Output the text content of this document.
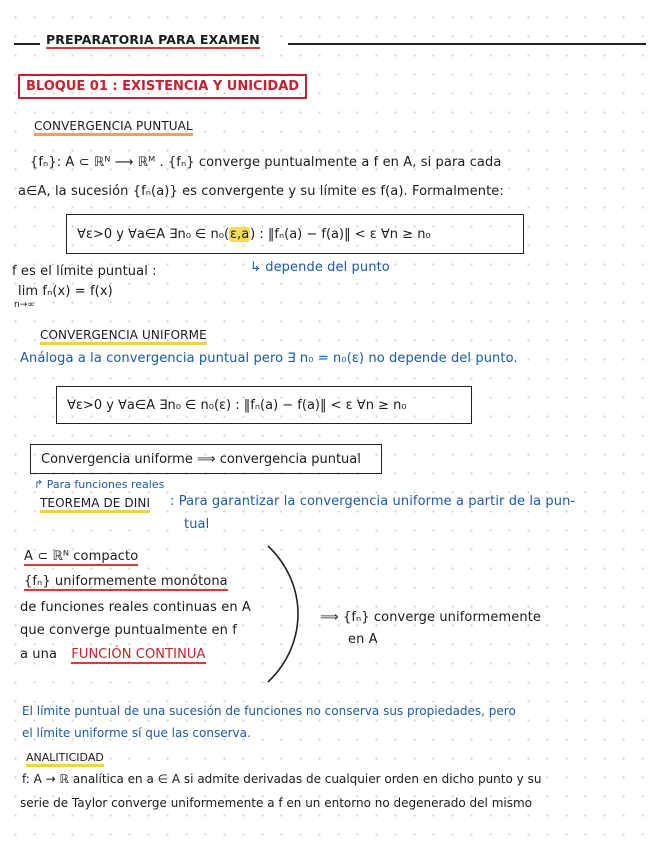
PREPARATORIA PARA EXAMEN
BLOQUE 01 : EXISTENCIA Y UNICIDAD
CONVERGENCIA PUNTUAL
{fₙ}: A ⊂ ℝᴺ ⟶ ℝᴹ . {fₙ} converge puntualmente a f en A, si para cada
a∈A, la sucesión {fₙ(a)} es convergente y su límite es f(a). Formalmente:
∀ε>0 y ∀a∈A ∃n₀ ∈ n₀( ε,a ) : ‖fₙ(a) − f(a)‖ < ε ∀n ≥ n₀
↳ depende del punto
f es el límite puntual :
lim fₙ(x) = f(x)
n→∞
CONVERGENCIA UNIFORME
Análoga a la convergencia puntual pero ∃ n₀ = n₀(ε) no depende del punto.
∀ε>0 y ∀a∈A ∃n₀ ∈ n₀(ε) : ‖fₙ(a) − f(a)‖ < ε ∀n ≥ n₀
Convergencia uniforme ⟹ convergencia puntual
↱ Para funciones reales
TEOREMA DE DINI : Para garantizar la convergencia uniforme a partir de la pun-
tual
A ⊂ ℝᴺ compacto
{fₙ} uniformemente monótona
de funciones reales continuas en A
que converge puntualmente en f
a una FUNCIÓN CONTINUA
⟹ {fₙ} converge uniformemente
en A
El límite puntual de una sucesión de funciones no conserva sus propiedades, pero
el límite uniforme sí que las conserva.
ANALITICIDAD
f: A → ℝ analítica en a ∈ A si admite derivadas de cualquier orden en dicho punto y su
serie de Taylor converge uniformemente a f en un entorno no degenerado del mismo
